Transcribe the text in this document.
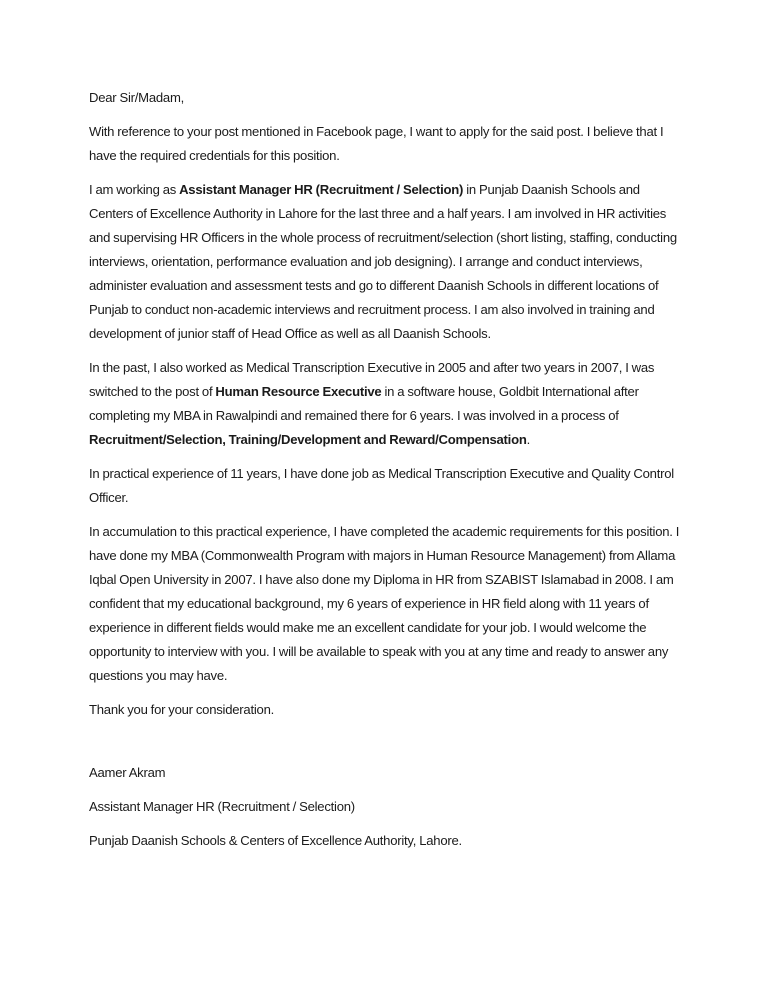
Dear Sir/Madam,

With reference to your post mentioned in Facebook page, I want to apply for the said post. I believe that I have the required credentials for this position.

I am working as Assistant Manager HR (Recruitment / Selection) in Punjab Daanish Schools and Centers of Excellence Authority in Lahore for the last three and a half years. I am involved in HR activities and supervising HR Officers in the whole process of recruitment/selection (short listing, staffing, conducting interviews, orientation, performance evaluation and job designing). I arrange and conduct interviews, administer evaluation and assessment tests and go to different Daanish Schools in different locations of Punjab to conduct non-academic interviews and recruitment process. I am also involved in training and development of junior staff of Head Office as well as all Daanish Schools.

In the past, I also worked as Medical Transcription Executive in 2005 and after two years in 2007, I was switched to the post of Human Resource Executive in a software house, Goldbit International after completing my MBA in Rawalpindi and remained there for 6 years. I was involved in a process of Recruitment/Selection, Training/Development and Reward/Compensation.

In practical experience of 11 years, I have done job as Medical Transcription Executive and Quality Control Officer.

In accumulation to this practical experience, I have completed the academic requirements for this position. I have done my MBA (Commonwealth Program with majors in Human Resource Management) from Allama Iqbal Open University in 2007. I have also done my Diploma in HR from SZABIST Islamabad in 2008. I am confident that my educational background, my 6 years of experience in HR field along with 11 years of experience in different fields would make me an excellent candidate for your job. I would welcome the opportunity to interview with you. I will be available to speak with you at any time and ready to answer any questions you may have.

Thank you for your consideration.

Aamer Akram

Assistant Manager HR (Recruitment / Selection)

Punjab Daanish Schools & Centers of Excellence Authority, Lahore.
